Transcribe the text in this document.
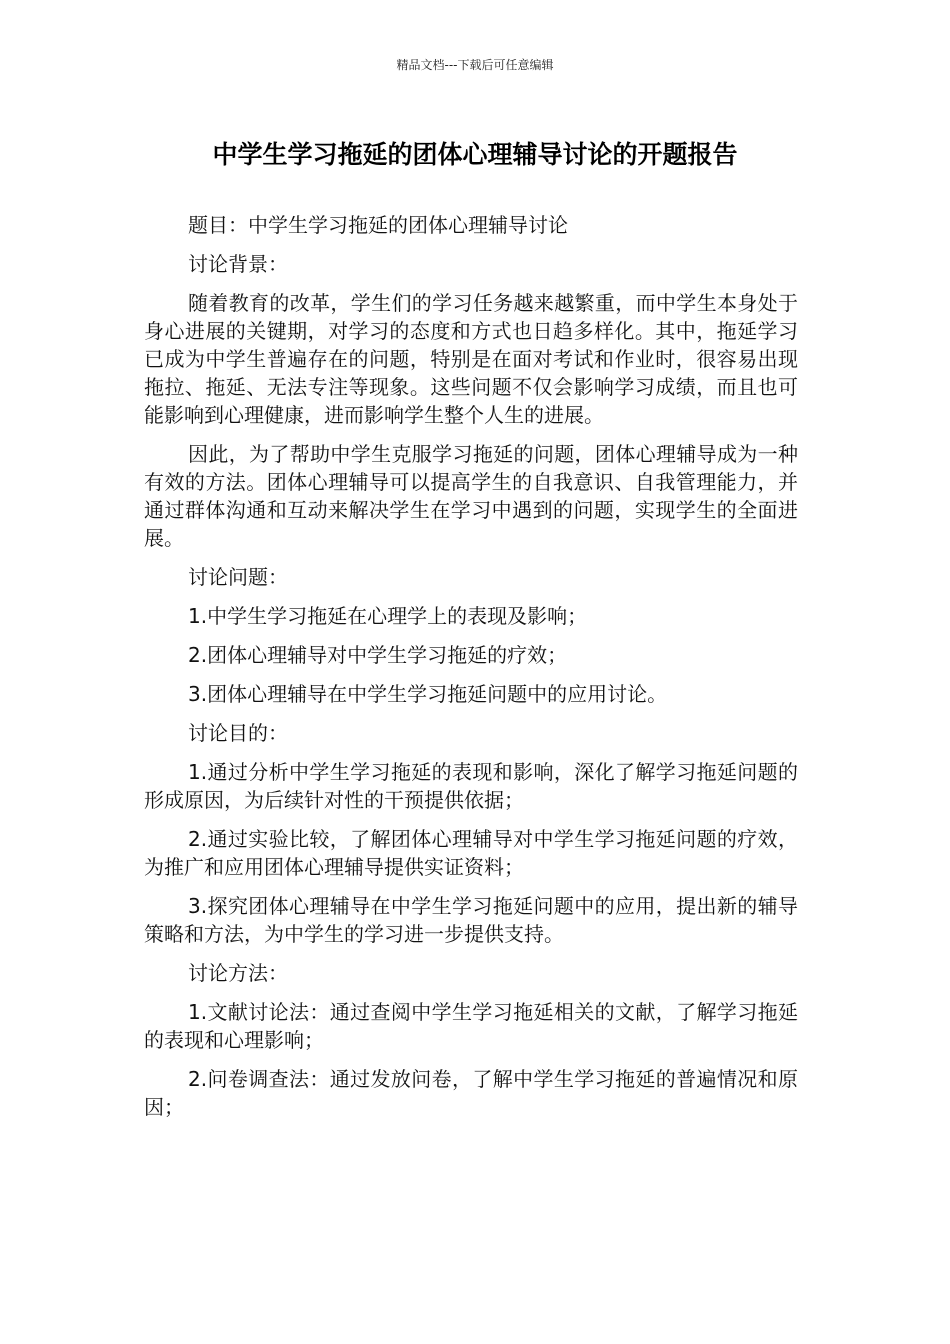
精品文档---下载后可任意编辑
中学生学习拖延的团体心理辅导讨论的开题报告

题目：中学生学习拖延的团体心理辅导讨论

讨论背景：

随着教育的改革，学生们的学习任务越来越繁重，而中学生本身处于身心进展的关键期，对学习的态度和方式也日趋多样化。其中，拖延学习已成为中学生普遍存在的问题，特别是在面对考试和作业时，很容易出现拖拉、拖延、无法专注等现象。这些问题不仅会影响学习成绩，而且也可能影响到心理健康，进而影响学生整个人生的进展。

因此，为了帮助中学生克服学习拖延的问题，团体心理辅导成为一种有效的方法。团体心理辅导可以提高学生的自我意识、自我管理能力，并通过群体沟通和互动来解决学生在学习中遇到的问题，实现学生的全面进展。

讨论问题：

1.中学生学习拖延在心理学上的表现及影响；

2.团体心理辅导对中学生学习拖延的疗效；

3.团体心理辅导在中学生学习拖延问题中的应用讨论。

讨论目的：

1.通过分析中学生学习拖延的表现和影响，深化了解学习拖延问题的形成原因，为后续针对性的干预提供依据；

2.通过实验比较，了解团体心理辅导对中学生学习拖延问题的疗效，为推广和应用团体心理辅导提供实证资料；

3.探究团体心理辅导在中学生学习拖延问题中的应用，提出新的辅导策略和方法，为中学生的学习进一步提供支持。

讨论方法：

1.文献讨论法：通过查阅中学生学习拖延相关的文献，了解学习拖延的表现和心理影响；

2.问卷调查法：通过发放问卷，了解中学生学习拖延的普遍情况和原因；
